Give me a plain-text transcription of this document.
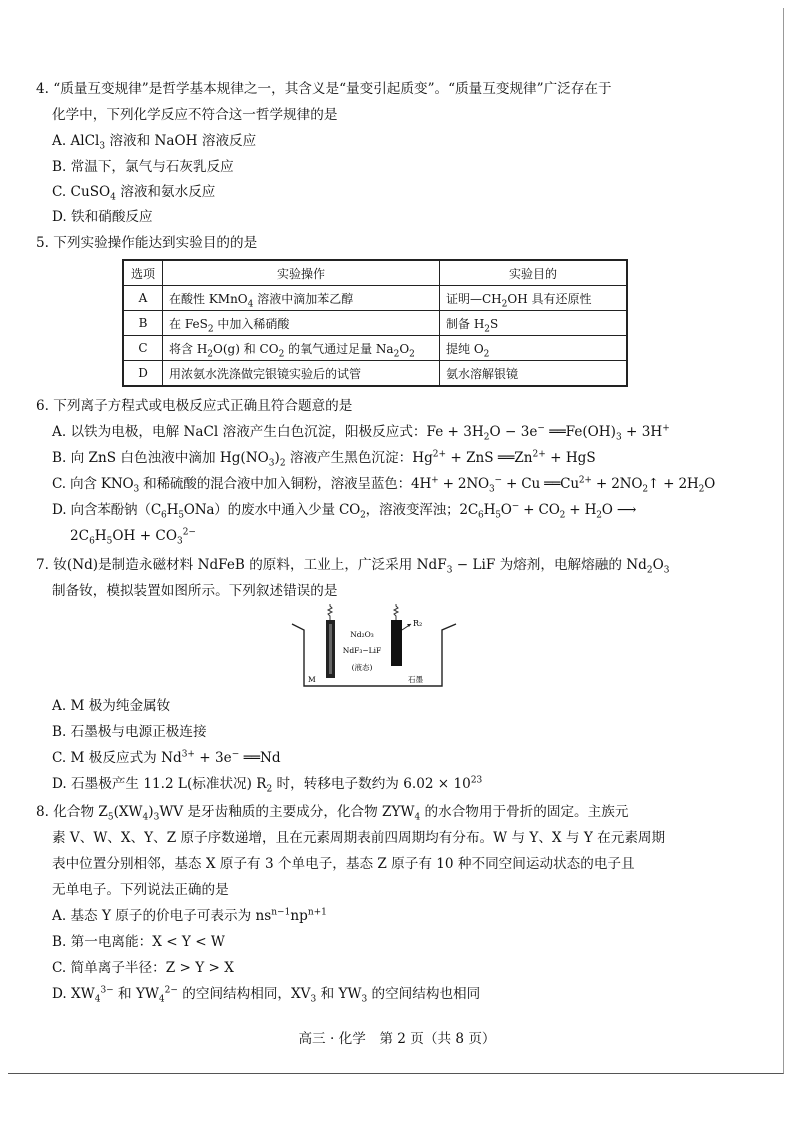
4. “质量互变规律”是哲学基本规律之一，其含义是“量变引起质变”。“质量互变规律”广泛存在于
化学中，下列化学反应不符合这一哲学规律的是
A. AlCl$_3$ 溶液和 NaOH 溶液反应
B. 常温下，氯气与石灰乳反应
C. CuSO$_4$ 溶液和氨水反应
D. 铁和硝酸反应
5. 下列实验操作能达到实验目的的是
选项	实验操作	实验目的
A	在酸性 KMnO$_4$ 溶液中滴加苯乙醇	证明$—CH_2OH$ 具有还原性
B	在 FeS$_2$ 中加入稀硝酸	制备 $H_2S$
C	将含 $H_2O(g)$ 和 $CO_2$ 的氧气通过足量 $Na_2O_2$	提纯 $O_2$
D	用浓氨水洗涤做完银镜实验后的试管	氨水溶解银镜
6. 下列离子方程式或电极反应式正确且符合题意的是
A. 以铁为电极，电解 NaCl 溶液产生白色沉淀，阳极反应式：$Fe + 3H_2O - 3e^-$ $══Fe(OH)_3 + 3H^+$
B. 向 ZnS 白色浊液中滴加 $Hg(NO_3)_2$ 溶液产生黑色沉淀：$Hg^{2+}$ + ZnS $══Zn^{2+}$ + HgS
C. 向含 $KNO_3$ 和稀硫酸的混合液中加入铜粉，溶液呈蓝色：$4H^+ + 2NO_3^- + Cu$ $══Cu^{2+}$ + $2NO_2↑ + 2H_2O$
D. 向含苯酚钠$(C_6H_5ONa)$的废水中通入少量 $CO_2$，溶液变浑浊；$2C_6H_5O^- + CO_2 + H_2O$ ⟶
$2C_6H_5OH + CO_3^{2-}$
7. 钕(Nd)是制造永磁材料 NdFeB 的原料，工业上，广泛采用 NdF$_3$ − LiF 为熔剂，电解熔融的 $Nd_2O_3$
制备钕，模拟装置如图所示。下列叙述错误的是
R₂
Nd₂O₃
NdF₃−LiF
(液态)
M	石墨
A. M 极为纯金属钕
B. 石墨极与电源正极连接
C. M 极反应式为 $Nd^{3+} + 3e^-$ ══Nd
D. 石墨极产生 11.2 L(标准状况) $R_2$ 时，转移电子数约为 $6.02 \times 10^{23}$
8. 化合物 $Z_5(XW_4)_3WV$ 是牙齿釉质的主要成分，化合物 $ZYW_4$ 的水合物用于骨折的固定。主族元
素 V、W、X、Y、Z 原子序数递增，且在元素周期表前四周期均有分布。W 与 Y、X 与 Y 在元素周期
表中位置分别相邻，基态 X 原子有 3 个单电子，基态 Z 原子有 10 种不同空间运动状态的电子且
无单电子。下列说法正确的是
A. 基态 Y 原子的价电子可表示为 $ns^{n-1}np^{n+1}$
B. 第一电离能：X < Y < W
C. 简单离子半径：Z > Y > X
D. $XW_4^{3-}$ 和 $YW_4^{2-}$ 的空间结构相同，$XV_3$ 和 $YW_3$ 的空间结构也相同
高三 · 化学　第 2 页（共 8 页）
